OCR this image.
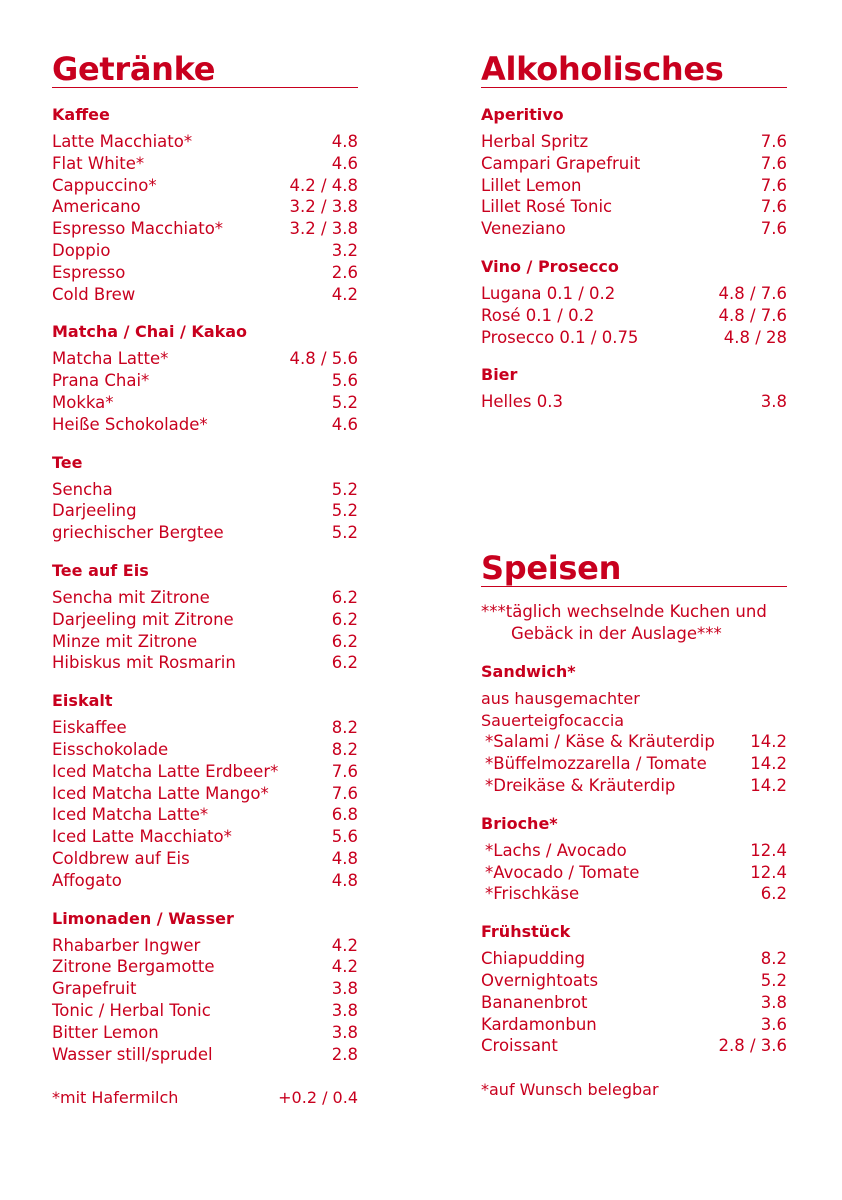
Getränke
Kaffee
Latte Macchiato*	4.8
Flat White*	4.6
Cappuccino*	4.2 / 4.8
Americano	3.2 / 3.8
Espresso Macchiato*	3.2 / 3.8
Doppio	3.2
Espresso	2.6
Cold Brew	4.2
Matcha / Chai / Kakao
Matcha Latte*	4.8 / 5.6
Prana Chai*	5.6
Mokka*	5.2
Heiße Schokolade*	4.6
Tee
Sencha	5.2
Darjeeling	5.2
griechischer Bergtee	5.2
Tee auf Eis
Sencha mit Zitrone	6.2
Darjeeling mit Zitrone	6.2
Minze mit Zitrone	6.2
Hibiskus mit Rosmarin	6.2
Eiskalt
Eiskaffee	8.2
Eisschokolade	8.2
Iced Matcha Latte Erdbeer*	7.6
Iced Matcha Latte Mango*	7.6
Iced Matcha Latte*	6.8
Iced Latte Macchiato*	5.6
Coldbrew auf Eis	4.8
Affogato	4.8
Limonaden / Wasser
Rhabarber Ingwer	4.2
Zitrone Bergamotte	4.2
Grapefruit	3.8
Tonic / Herbal Tonic	3.8
Bitter Lemon	3.8
Wasser still/sprudel	2.8
*mit Hafermilch	+0.2 / 0.4
Alkoholisches
Aperitivo
Herbal Spritz	7.6
Campari Grapefruit	7.6
Lillet Lemon	7.6
Lillet Rosé Tonic	7.6
Veneziano	7.6
Vino / Prosecco
Lugana 0.1 / 0.2	4.8 / 7.6
Rosé 0.1 / 0.2	4.8 / 7.6
Prosecco 0.1 / 0.75	4.8 / 28
Bier
Helles 0.3	3.8
Speisen
***täglich wechselnde Kuchen und
Gebäck in der Auslage***
Sandwich*
aus hausgemachter
Sauerteigfocaccia
*Salami / Käse & Kräuterdip 14.2
*Büffelmozzarella / Tomate	14.2
*Dreikäse & Kräuterdip	14.2
Brioche*
*Lachs / Avocado	12.4
*Avocado / Tomate	12.4
*Frischkäse	6.2
Frühstück
Chiapudding	8.2
Overnightoats	5.2
Bananenbrot	3.8
Kardamonbun	3.6
Croissant	2.8 / 3.6
*auf Wunsch belegbar
